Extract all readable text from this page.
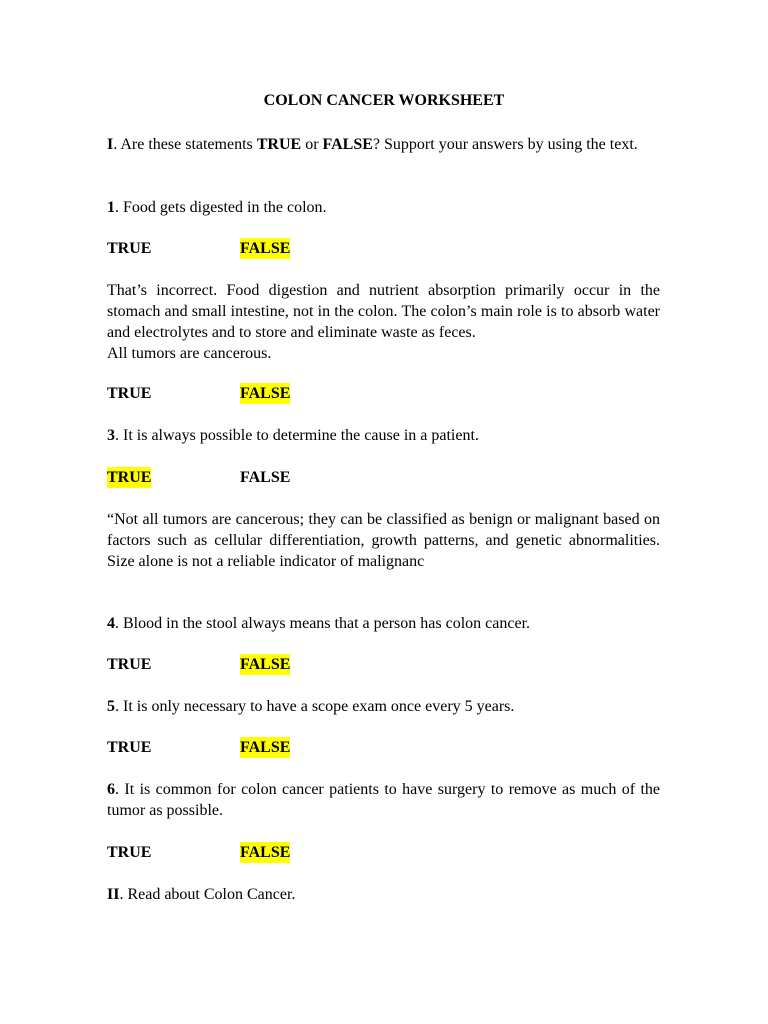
COLON CANCER WORKSHEET

I. Are these statements TRUE or FALSE? Support your answers by using the text.

1. Food gets digested in the colon.

TRUE	FALSE

That’s incorrect. Food digestion and nutrient absorption primarily occur in the stomach and small intestine, not in the colon. The colon’s main role is to absorb water and electrolytes and to store and eliminate waste as feces.

All tumors are cancerous.

TRUE	FALSE

3. It is always possible to determine the cause in a patient.

TRUE	FALSE

“Not all tumors are cancerous; they can be classified as benign or malignant based on factors such as cellular differentiation, growth patterns, and genetic abnormalities. Size alone is not a reliable indicator of malignanc

4. Blood in the stool always means that a person has colon cancer.

TRUE	FALSE

5. It is only necessary to have a scope exam once every 5 years.

TRUE	FALSE

6. It is common for colon cancer patients to have surgery to remove as much of the tumor as possible.

TRUE	FALSE

II. Read about Colon Cancer.
